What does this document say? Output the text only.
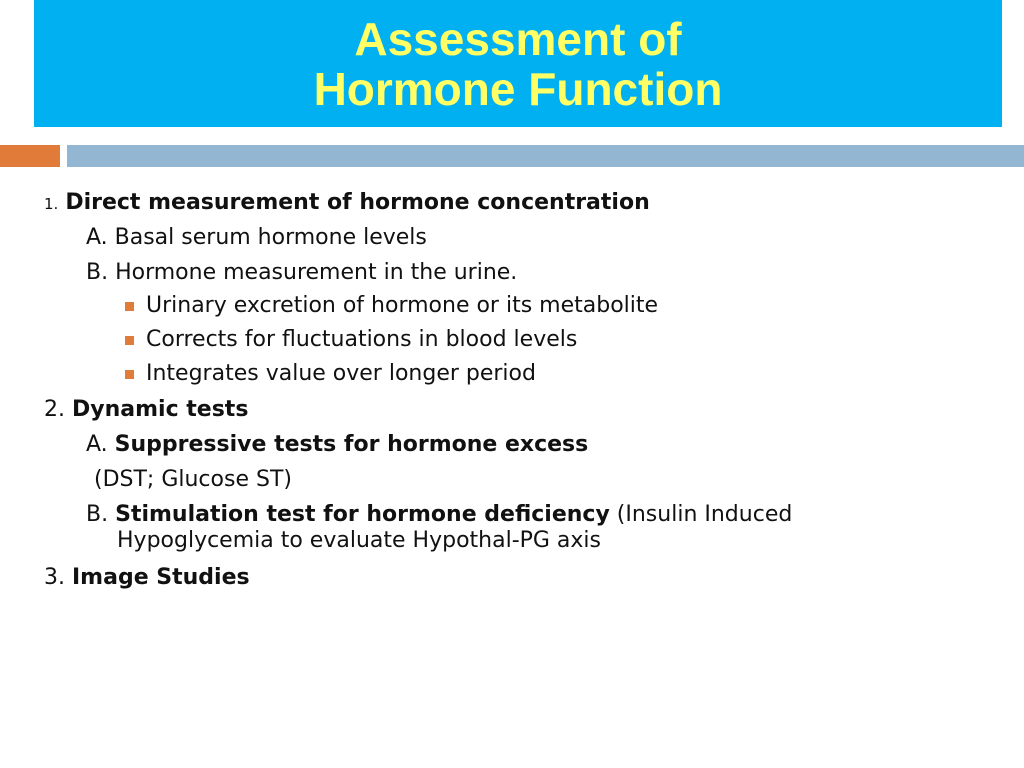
Assessment of
Hormone Function
1. Direct measurement of hormone concentration
A. Basal serum hormone levels
B. Hormone measurement in the urine.
Urinary excretion of hormone or its metabolite
Corrects for fluctuations in blood levels
Integrates value over longer period
2. Dynamic tests
A. Suppressive tests for hormone excess
(DST; Glucose ST)
B. Stimulation test for hormone deficiency (Insulin Induced
Hypoglycemia to evaluate Hypothal-PG axis
3. Image Studies
